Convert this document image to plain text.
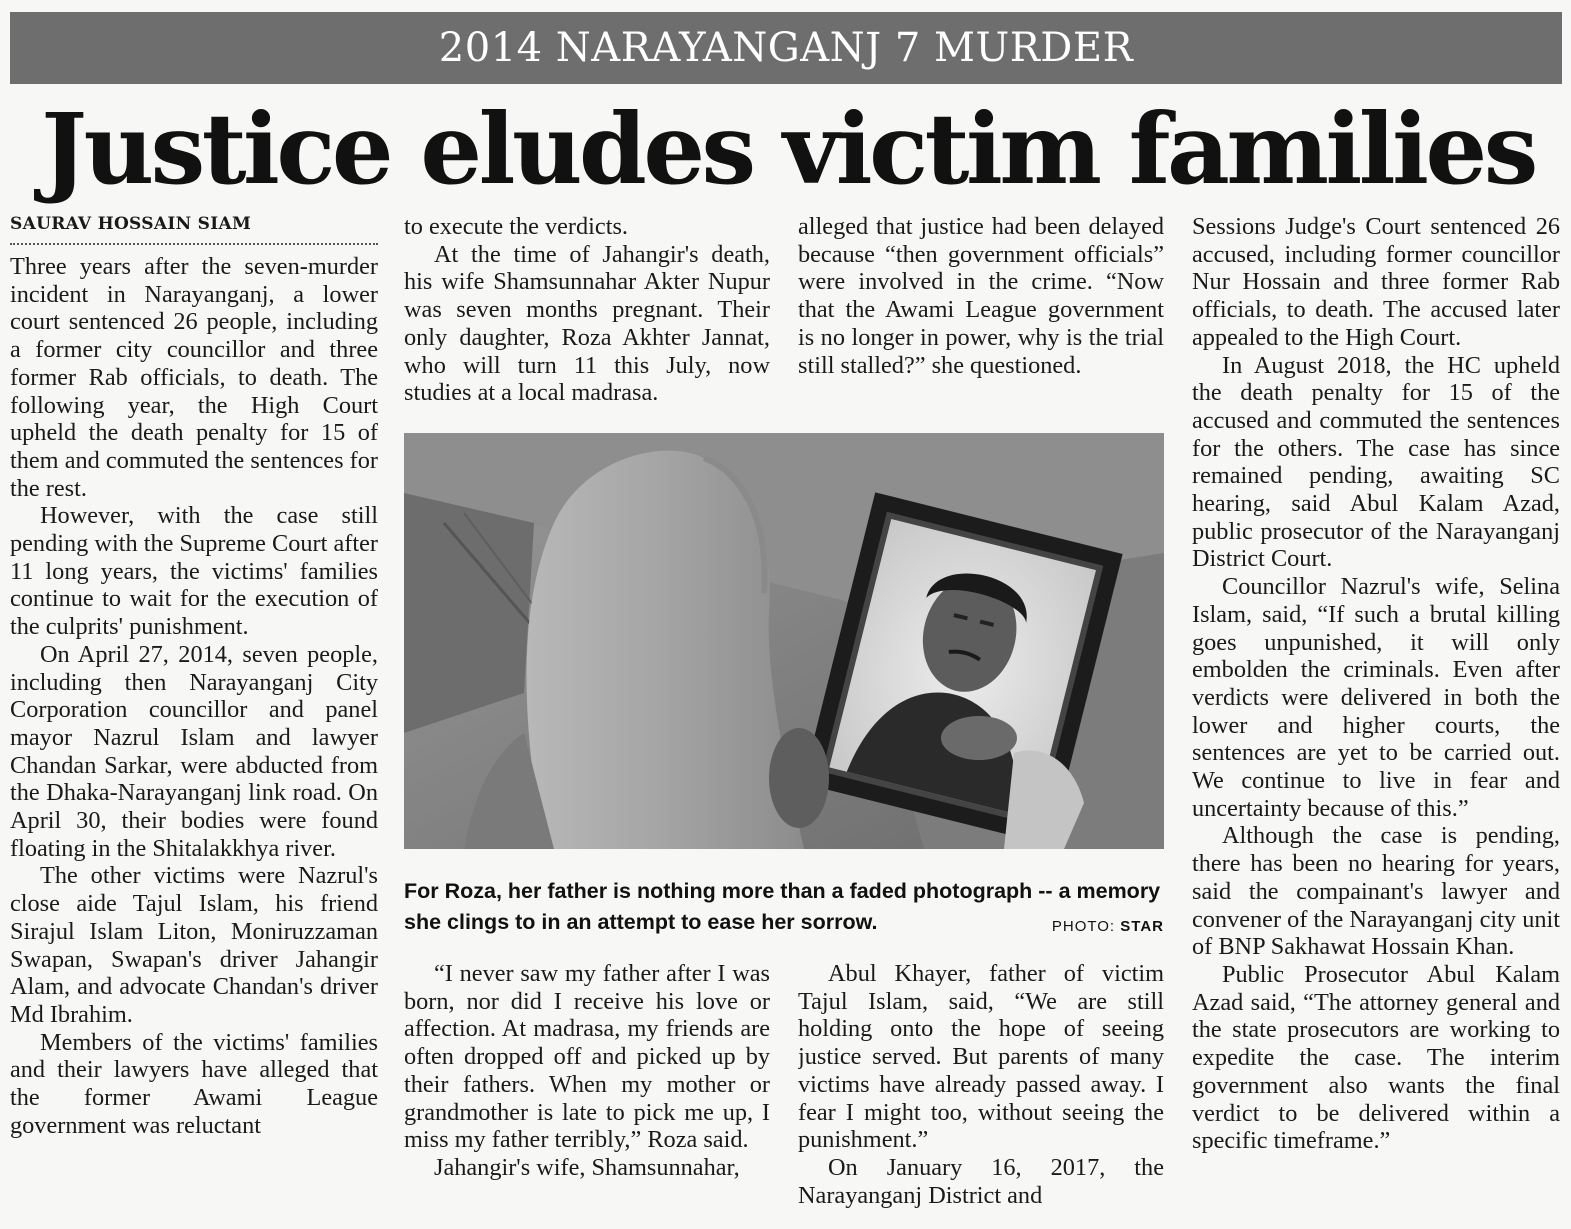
2014 NARAYANGANJ 7 MURDER
Justice eludes victim families
SAURAV HOSSAIN SIAM

Three years after the seven-murder incident in Narayanganj, a lower court sentenced 26 people, including a former city councillor and three former Rab officials, to death. The following year, the High Court upheld the death penalty for 15 of them and commuted the sentences for the rest.

However, with the case still pending with the Supreme Court after 11 long years, the victims' families continue to wait for the execution of the culprits' punishment.

On April 27, 2014, seven people, including then Narayanganj City Corporation councillor and panel mayor Nazrul Islam and lawyer Chandan Sarkar, were abducted from the Dhaka-Narayanganj link road. On April 30, their bodies were found floating in the Shitalakkhya river.

The other victims were Nazrul's close aide Tajul Islam, his friend Sirajul Islam Liton, Moniruzzaman Swapan, Swapan's driver Jahangir Alam, and advocate Chandan's driver Md Ibrahim.

Members of the victims' families and their lawyers have alleged that the former Awami League government was reluctant

to execute the verdicts.

At the time of Jahangir's death, his wife Shamsunnahar Akter Nupur was seven months pregnant. Their only daughter, Roza Akhter Jannat, who will turn 11 this July, now studies at a local madrasa.

alleged that justice had been delayed because “then government officials” were involved in the crime. “Now that the Awami League government is no longer in power, why is the trial still stalled?” she questioned.

For Roza, her father is nothing more than a faded photograph -- a memory she clings to in an attempt to ease her sorrow.	PHOTO: STAR

“I never saw my father after I was born, nor did I receive his love or affection. At madrasa, my friends are often dropped off and picked up by their fathers. When my mother or grandmother is late to pick me up, I miss my father terribly,” Roza said.

Jahangir's wife, Shamsunnahar,

Abul Khayer, father of victim Tajul Islam, said, “We are still holding onto the hope of seeing justice served. But parents of many victims have already passed away. I fear I might too, without seeing the punishment.”

On January 16, 2017, the Narayanganj District and

Sessions Judge's Court sentenced 26 accused, including former councillor Nur Hossain and three former Rab officials, to death. The accused later appealed to the High Court.

In August 2018, the HC upheld the death penalty for 15 of the accused and commuted the sentences for the others. The case has since remained pending, awaiting SC hearing, said Abul Kalam Azad, public prosecutor of the Narayanganj District Court.

Councillor Nazrul's wife, Selina Islam, said, “If such a brutal killing goes unpunished, it will only embolden the criminals. Even after verdicts were delivered in both the lower and higher courts, the sentences are yet to be carried out. We continue to live in fear and uncertainty because of this.”

Although the case is pending, there has been no hearing for years, said the compainant's lawyer and convener of the Narayanganj city unit of BNP Sakhawat Hossain Khan.

Public Prosecutor Abul Kalam Azad said, “The attorney general and the state prosecutors are working to expedite the case. The interim government also wants the final verdict to be delivered within a specific timeframe.”
